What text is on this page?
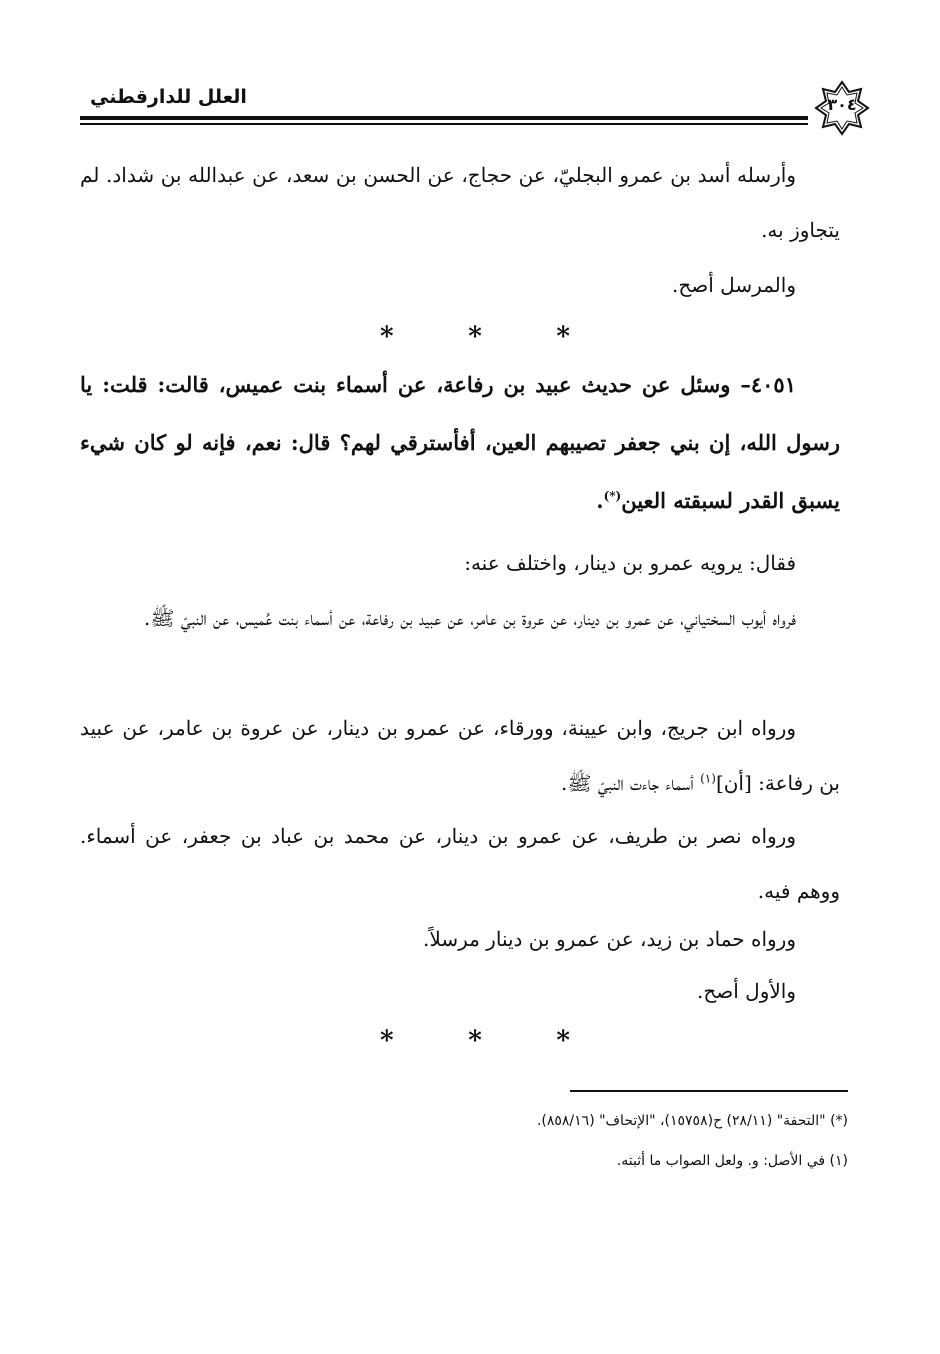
العلل للدارقطني	٣٠٤
وأرسله أسد بن عمرو البجليّ، عن حجاج، عن الحسن بن سعد، عن عبدالله بن شداد. لم يتجاوز به.
والمرسل أصح.
*	*	*
٤٠٥١– وسئل عن حديث عبيد بن رفاعة، عن أسماء بنت عميس، قالت: قلت: يا رسول الله، إن بني جعفر تصيبهم العين، أفأسترقي لهم؟ قال: نعم، فإنه لو كان شيء يسبق القدر لسبقته العين(*).
فقال: يرويه عمرو بن دينار، واختلف عنه:
فرواه أيوب السختياني، عن عمرو بن دينار، عن عروة بن عامر، عن عبيد بن رفاعة، عن أسماء بنت عُميس، عن النبيّ ﷺ.
ورواه ابن جريج، وابن عيينة، وورقاء، عن عمرو بن دينار، عن عروة بن عامر، عن عبيد بن رفاعة: [أن]$^{(١)}$ أسماء جاءت النبيّ ﷺ.
ورواه نصر بن طريف، عن عمرو بن دينار، عن محمد بن عباد بن جعفر، عن أسماء. ووهم فيه.
ورواه حماد بن زيد، عن عمرو بن دينار مرسلاً.
والأول أصح.
*	*	*
(*) "التحفة" (٢٨/١١) ح(١٥٧٥٨)، "الإتحاف" (٨٥٨/١٦).
(١) في الأصل: و. ولعل الصواب ما أثبته.
